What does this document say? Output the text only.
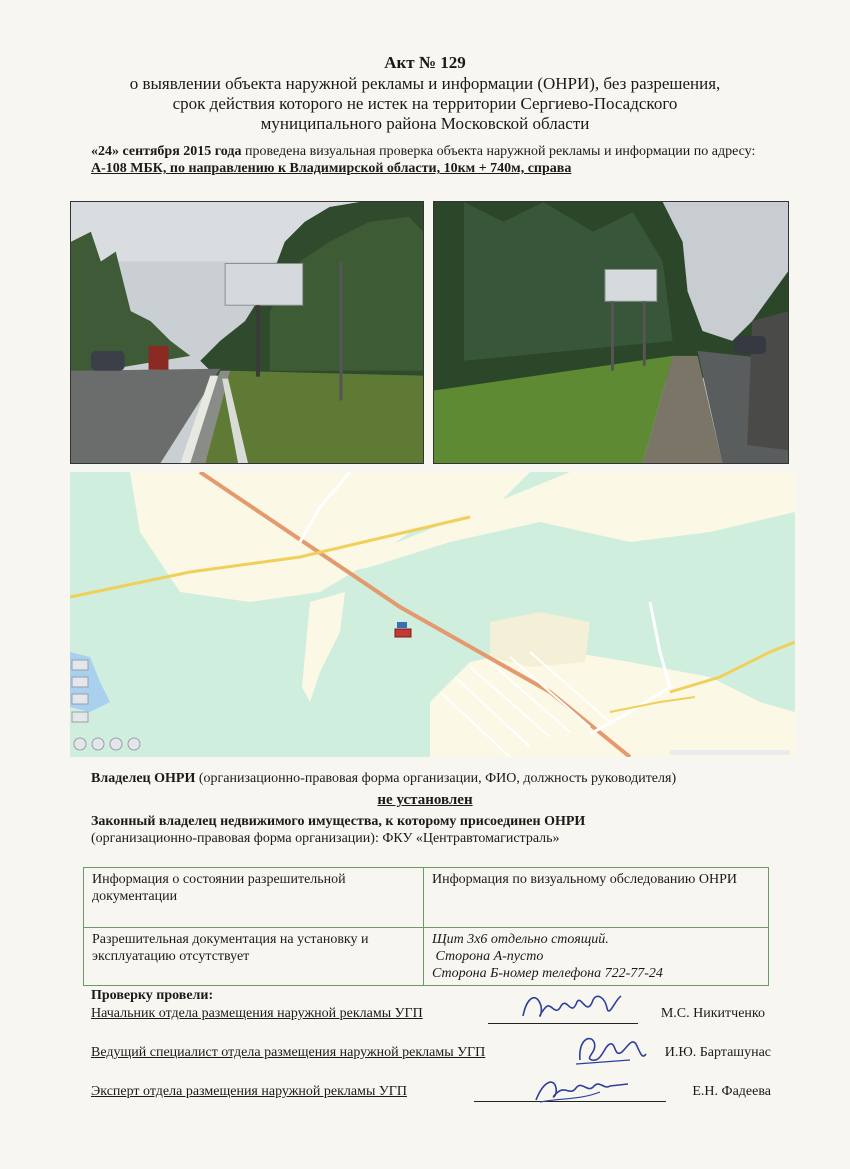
Акт № 129
о выявлении объекта наружной рекламы и информации (ОНРИ), без разрешения,
срок действия которого не истек на территории Сергиево-Посадского
муниципального района Московской области
«24» сентября 2015 года проведена визуальная проверка объекта наружной рекламы и информации по адресу: А-108 МБК, по направлению к Владимирской области, 10км + 740м, справа
Владелец ОНРИ (организационно-правовая форма организации, ФИО, должность руководителя)
не установлен
Законный владелец недвижимого имущества, к которому присоединен ОНРИ
(организационно-правовая форма организации): ФКУ «Центравтомагистраль»
Информация о состоянии разрешительной документации	Информация по визуальному обследованию ОНРИ
Разрешительная документация на установку и эксплуатацию отсутствует	Щит 3х6 отдельно стоящий.
Сторона А-пусто
Сторона Б-номер телефона 722-77-24
Проверку провели:
Начальник отдела размещения наружной рекламы УГП	М.С. Никитченко
Ведущий специалист отдела размещения наружной рекламы УГП	И.Ю. Барташунас
Эксперт отдела размещения наружной рекламы УГП	Е.Н. Фадеева
